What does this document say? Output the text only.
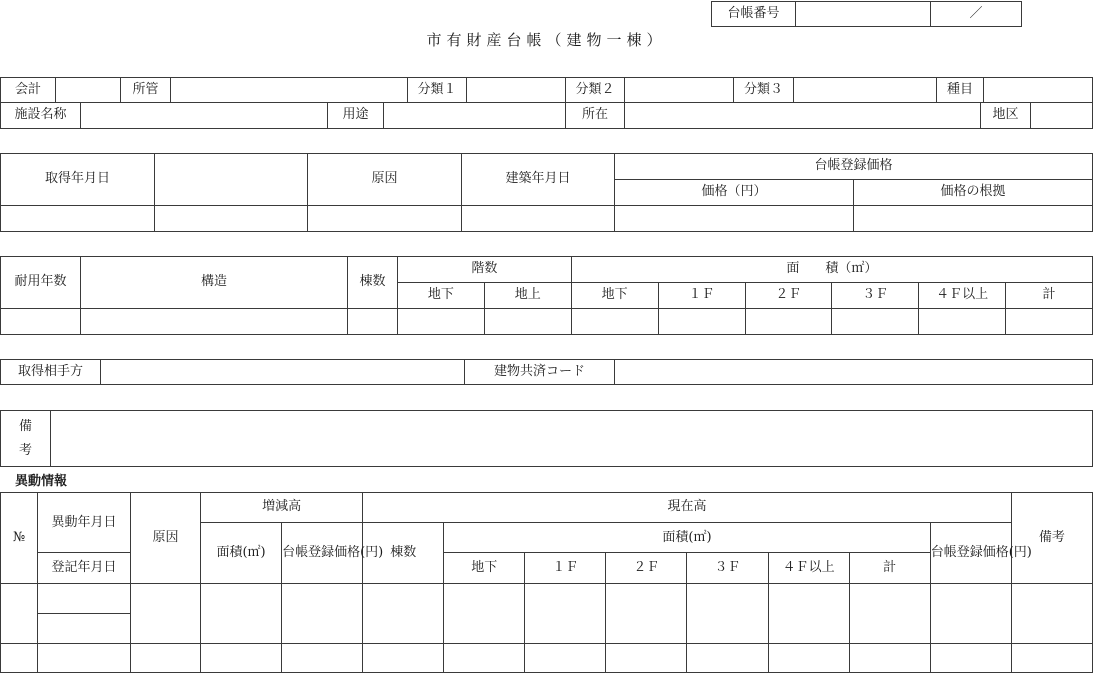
台帳番号		／
市有財産台帳（建物一棟）
会計		所管		分類１		分類２		分類３		種目	
施設名称		用途		所在		地区	
取得年月日		原因	建築年月日	台帳登録価格	
				価格（円）	価格の根拠

耐用年数	構造	棟数	階数		面　　積（㎡）					
			地下	地上	地下	１Ｆ	２Ｆ	３Ｆ	４Ｆ以上	計

取得相手方		建物共済コード	
備
考

異動情報
№	異動年月日	原因	増減高		現在高								備考
			面積(㎡)	台帳登録価格(円)	棟数	面積(㎡)						台帳登録価格(円)	
	登記年月日					地下	１Ｆ	２Ｆ	３Ｆ	４Ｆ以上	計		
